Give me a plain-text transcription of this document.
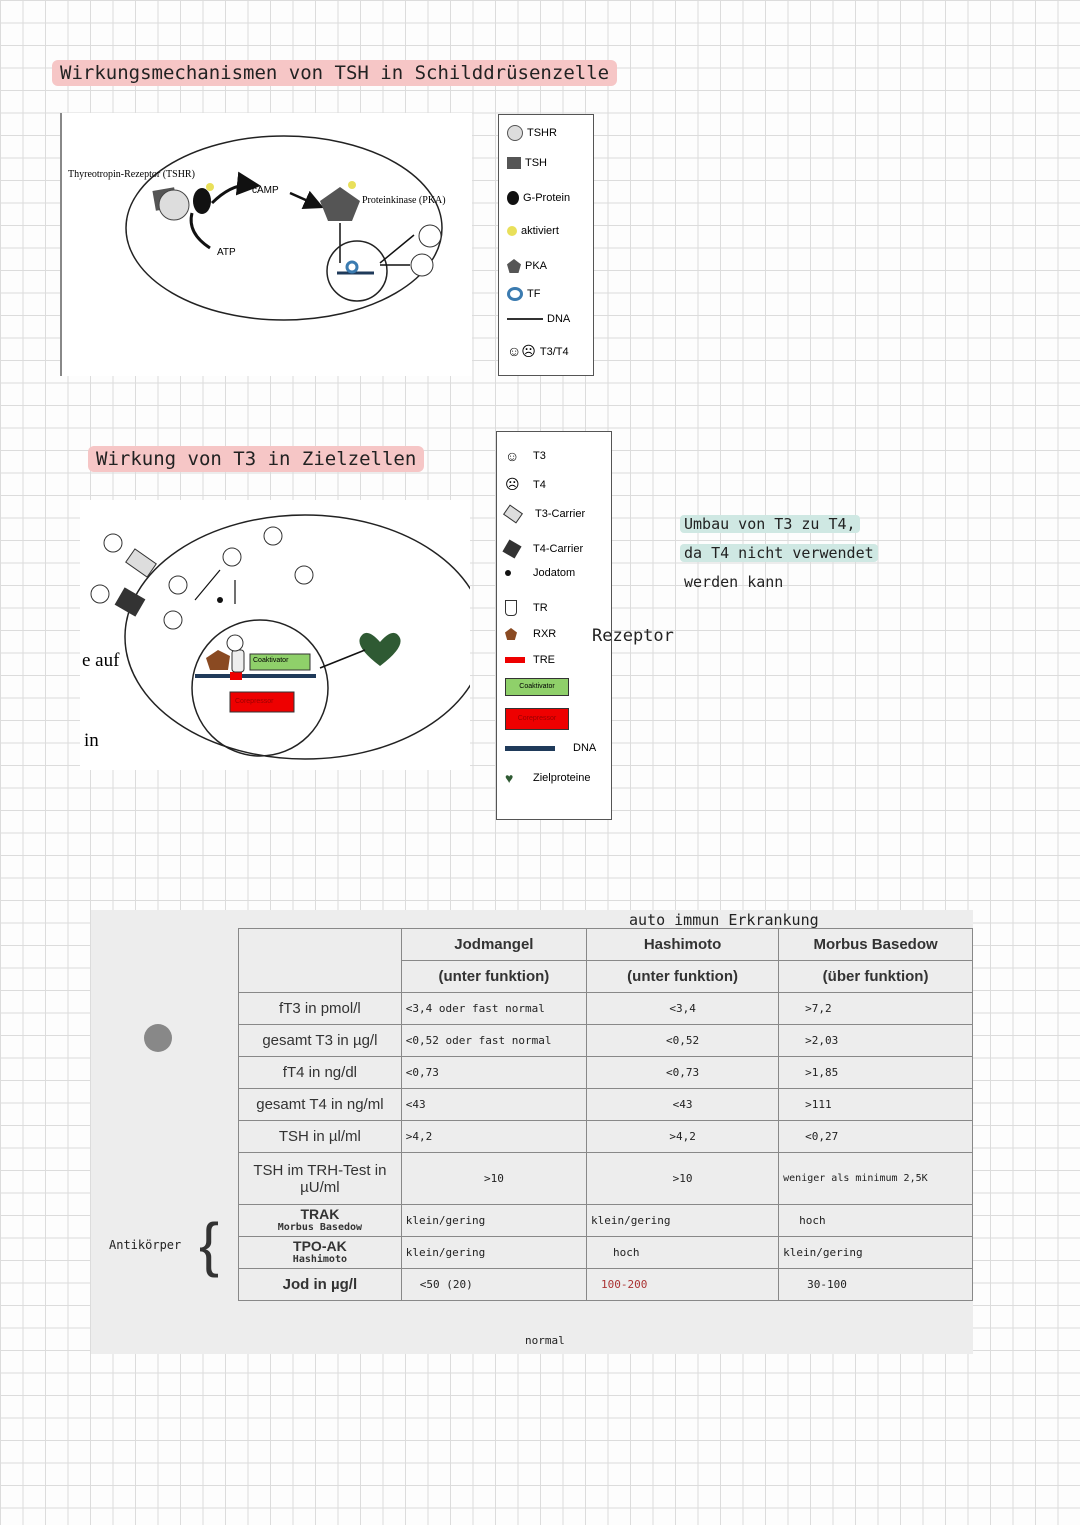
Wirkungsmechanismen von TSH in Schilddrüsenzelle
Thyreotropin-Rezeptor (TSHR)
cAMP
ATP
Proteinkinase (PKA)
TSHR
TSH
G-Protein
aktiviert
PKA
TF
DNA
☺☹ T3/T4
Wirkung von T3 in Zielzellen
Coaktivator
Corepressor
e auf
in
☺	T3
☹	T4
T3-Carrier
T4-Carrier
Jodatom
TR
RXR
TRE
Coaktivator
Corepressor
DNA
♥	Zielproteine
Rezeptor
Umbau von T3 zu T4,
da T4 nicht verwendet
werden kann
auto immun Erkrankung
Antikörper {
	Jodmangel	Hashimoto	Morbus Basedow
	(unter funktion)	(unter funktion)	(über funktion)
fT3 in pmol/l	<3,4 oder fast normal	<3,4	>7,2
gesamt T3 in µg/l	<0,52 oder fast normal	<0,52	>2,03
fT4 in ng/dl	<0,73	<0,73	>1,85
gesamt T4 in ng/ml	<43	<43	>111
TSH in µl/ml	>4,2	>4,2	<0,27
TSH im TRH-Test in µU/ml	>10	>10	weniger als minimum 2,5K
TRAK
Morbus Basedow	klein/gering	klein/gering	hoch
TPO-AK
Hashimoto	klein/gering	hoch	klein/gering
Jod in µg/l	<50 (20)	100-200	30-100
normal
